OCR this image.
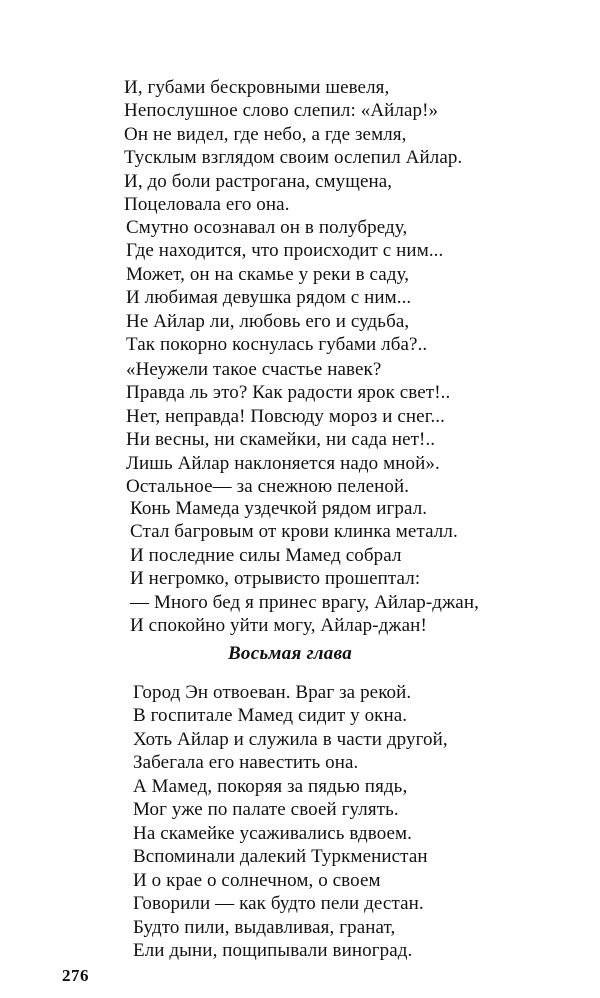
И, губами бескровными шевеля,
Непослушное слово слепил: «Айлар!»
Он не видел, где небо, а где земля,
Тусклым взглядом своим ослепил Айлар.
И, до боли растрогана, смущена,
Поцеловала его она.
Смутно осознавал он в полубреду,
Где находится, что происходит с ним...
Может, он на скамье у реки в саду,
И любимая девушка рядом с ним...
Не Айлар ли, любовь его и судьба,
Так покорно коснулась губами лба?..
«Неужели такое счастье навек?
Правда ль это? Как радости ярок свет!..
Нет, неправда! Повсюду мороз и снег...
Ни весны, ни скамейки, ни сада нет!..
Лишь Айлар наклоняется надо мной».
Остальное— за снежною пеленой.
Конь Мамеда уздечкой рядом играл.
Стал багровым от крови клинка металл.
И последние силы Мамед собрал
И негромко, отрывисто прошептал:
— Много бед я принес врагу, Айлар-джан,
И спокойно уйти могу, Айлар-джан!
Восьмая глава
Город Эн отвоеван. Враг за рекой.
В госпитале Мамед сидит у окна.
Хоть Айлар и служила в части другой,
Забегала его навестить она.
А Мамед, покоряя за пядью пядь,
Мог уже по палате своей гулять.
На скамейке усаживались вдвоем.
Вспоминали далекий Туркменистан
И о крае о солнечном, о своем
Говорили — как будто пели дестан.
Будто пили, выдавливая, гранат,
Ели дыни, пощипывали виноград.
276
